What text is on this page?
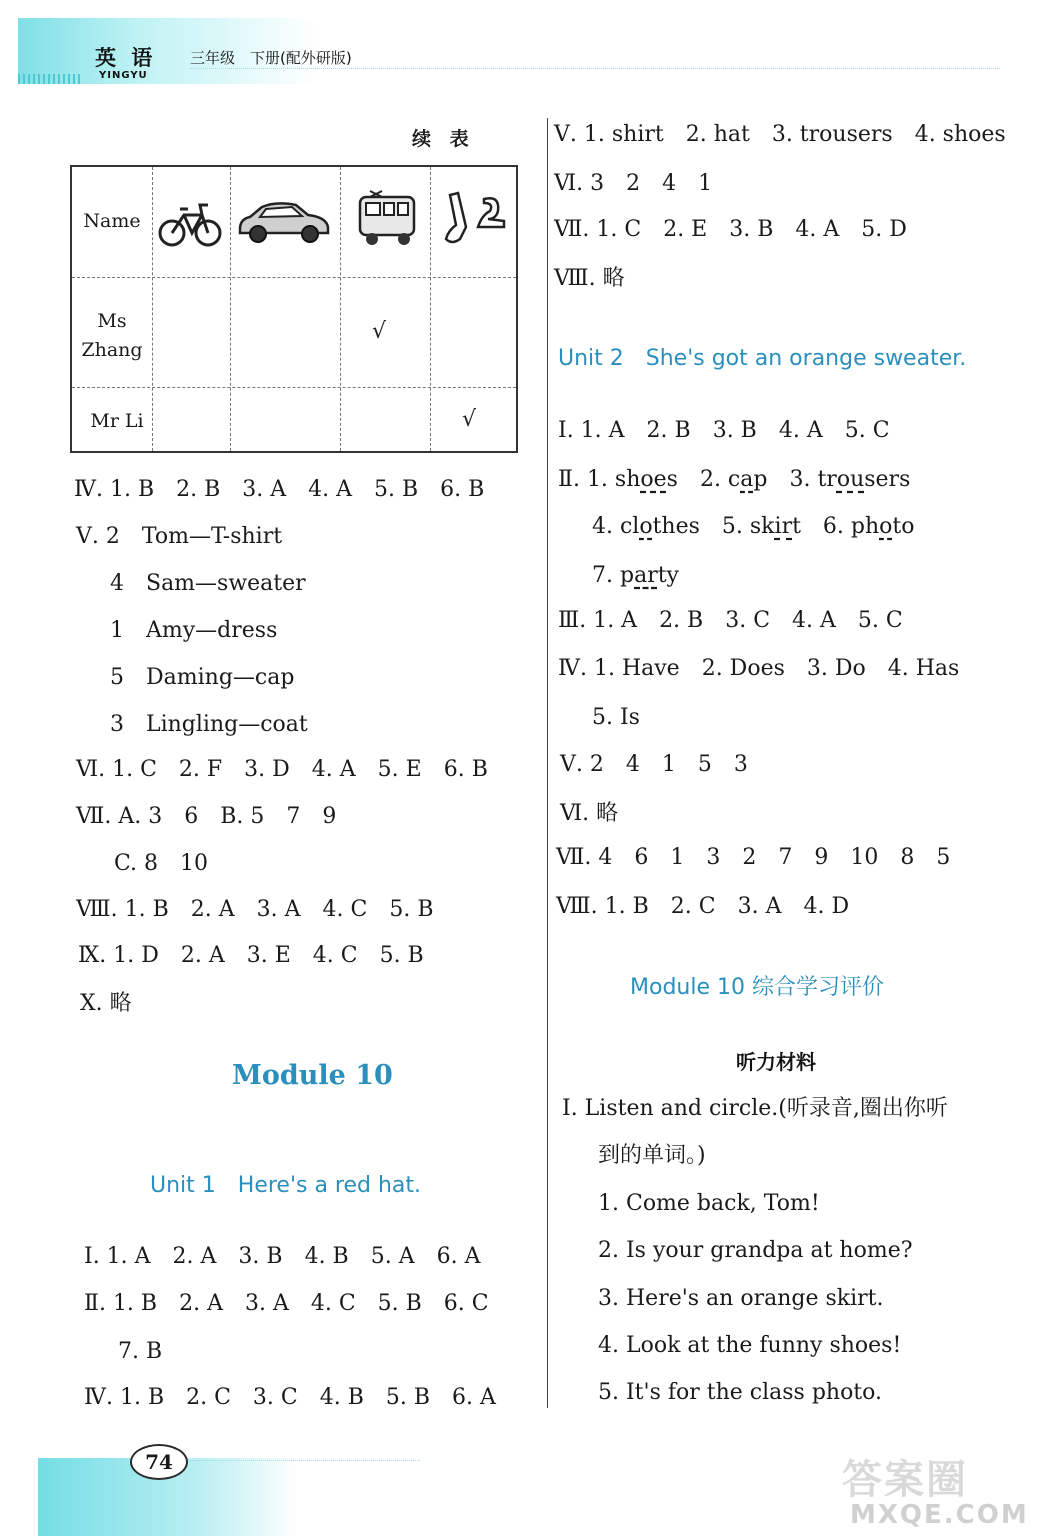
英 语
YINGYU
三年级　下册(配外研版)
续 表
Name
Ms
Zhang
√
Mr Li	√
Ⅳ. 1. B　2. B　3. A　4. A　5. B　6. B
Ⅴ. 2　Tom—T-shirt
4　Sam—sweater
1　Amy—dress
5　Daming—cap
3　Lingling—coat
Ⅵ. 1. C　2. F　3. D　4. A　5. E　6. B
Ⅶ. A. 3　6　B. 5　7　9
C. 8　10
Ⅷ. 1. B　2. A　3. A　4. C　5. B
Ⅸ. 1. D　2. A　3. E　4. C　5. B
Ⅹ. 略
Module 10
Unit 1　Here's a red hat.
Ⅰ. 1. A　2. A　3. B　4. B　5. A　6. A
Ⅱ. 1. B　2. A　3. A　4. C　5. B　6. C
7. B
Ⅳ. 1. B　2. C　3. C　4. B　5. B　6. A
Ⅴ. 1. shirt　2. hat　3. trousers　4. shoes
Ⅵ. 3　2　4　1
Ⅶ. 1. C　2. E　3. B　4. A　5. D
Ⅷ. 略
Unit 2　She's got an orange sweater.
Ⅰ. 1. A　2. B　3. B　4. A　5. C
Ⅱ. 1. shoes　2. cap　3. trousers
4. clothes　5. skirt　6. photo
7. party
Ⅲ. 1. A　2. B　3. C　4. A　5. C
Ⅳ. 1. Have　2. Does　3. Do　4. Has
5. Is
Ⅴ. 2　4　1　5　3
Ⅵ. 略
Ⅶ. 4　6　1　3　2　7　9　10　8　5
Ⅷ. 1. B　2. C　3. A　4. D
Module 10 综合学习评价
听力材料
Ⅰ. Listen and circle.(听录音,圈出你听
到的单词。)
1. Come back, Tom!
2. Is your grandpa at home?
3. Here's an orange skirt.
4. Look at the funny shoes!
5. It's for the class photo.
74	答案圈
MXQE.COM
